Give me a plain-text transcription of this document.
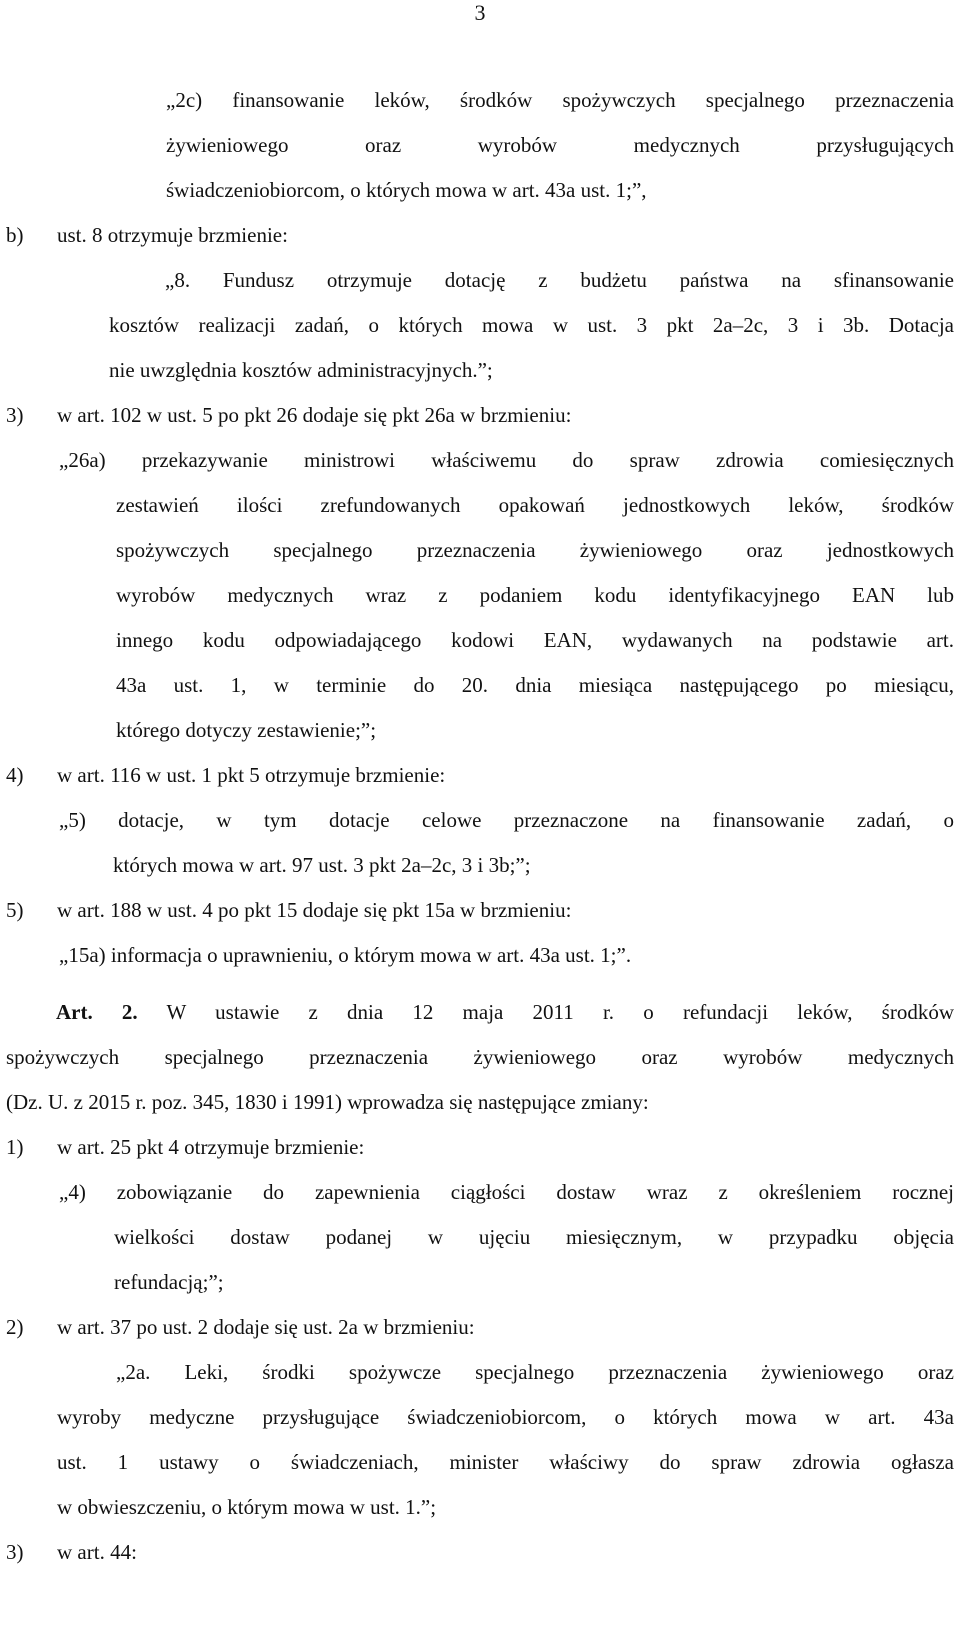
3

„2c) finansowanie leków, środków spożywczych specjalnego przeznaczenia

żywieniowego oraz wyrobów medycznych przysługujących

świadczeniobiorcom, o których mowa w art. 43a ust. 1;”,

b)	ust. 8 otrzymuje brzmienie:

„8. Fundusz otrzymuje dotację z budżetu państwa na sfinansowanie

kosztów realizacji zadań, o których mowa w ust. 3 pkt 2a–2c, 3 i 3b. Dotacja

nie uwzględnia kosztów administracyjnych.”;

3)	w art. 102 w ust. 5 po pkt 26 dodaje się pkt 26a w brzmieniu:

„26a) przekazywanie ministrowi właściwemu do spraw zdrowia comiesięcznych

zestawień ilości zrefundowanych opakowań jednostkowych leków, środków

spożywczych specjalnego przeznaczenia żywieniowego oraz jednostkowych

wyrobów medycznych wraz z podaniem kodu identyfikacyjnego EAN lub

innego kodu odpowiadającego kodowi EAN, wydawanych na podstawie art.

43a ust. 1, w terminie do 20. dnia miesiąca następującego po miesiącu,

którego dotyczy zestawienie;”;

4)	w art. 116 w ust. 1 pkt 5 otrzymuje brzmienie:

„5) dotacje, w tym dotacje celowe przeznaczone na finansowanie zadań, o

których mowa w art. 97 ust. 3 pkt 2a–2c, 3 i 3b;”;

5)	w art. 188 w ust. 4 po pkt 15 dodaje się pkt 15a w brzmieniu:

„15a) informacja o uprawnieniu, o którym mowa w art. 43a ust. 1;”.

Art. 2. W ustawie z dnia 12 maja 2011 r. o refundacji leków, środków

spożywczych specjalnego przeznaczenia żywieniowego oraz wyrobów medycznych

(Dz. U. z 2015 r. poz. 345, 1830 i 1991) wprowadza się następujące zmiany:

1)	w art. 25 pkt 4 otrzymuje brzmienie:

„4) zobowiązanie do zapewnienia ciągłości dostaw wraz z określeniem rocznej

wielkości dostaw podanej w ujęciu miesięcznym, w przypadku objęcia

refundacją;”;

2)	w art. 37 po ust. 2 dodaje się ust. 2a w brzmieniu:

„2a. Leki, środki spożywcze specjalnego przeznaczenia żywieniowego oraz

wyroby medyczne przysługujące świadczeniobiorcom, o których mowa w art. 43a

ust. 1 ustawy o świadczeniach, minister właściwy do spraw zdrowia ogłasza

w obwieszczeniu, o którym mowa w ust. 1.”;

3)	w art. 44:
